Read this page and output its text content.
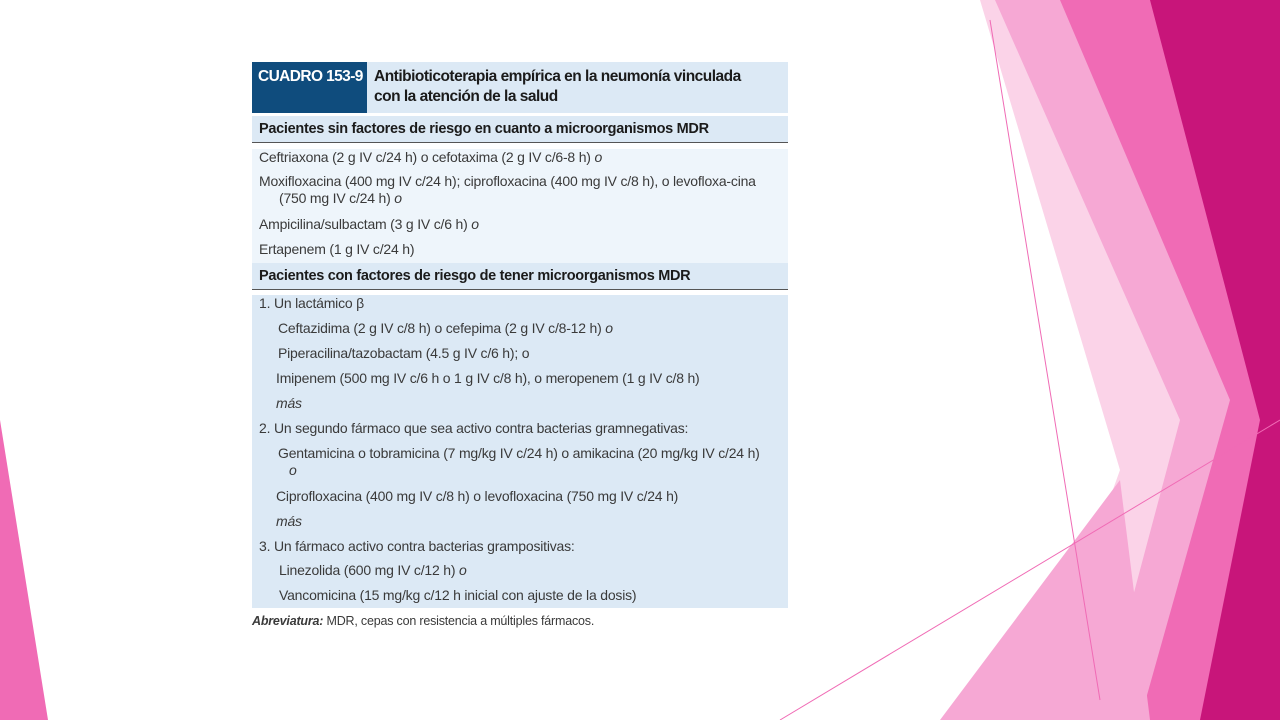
CUADRO 153-9 Antibioticoterapia empírica en la neumonía vinculada
con la atención de la salud
Pacientes sin factores de riesgo en cuanto a microorganismos MDR
Ceftriaxona (2 g IV c/24 h) o cefotaxima (2 g IV c/6-8 h) o
Moxifloxacina (400 mg IV c/24 h); ciprofloxacina (400 mg IV c/8 h), o levofloxa-cina (750 mg IV c/24 h) o
Ampicilina/sulbactam (3 g IV c/6 h) o
Ertapenem (1 g IV c/24 h)
Pacientes con factores de riesgo de tener microorganismos MDR
1. Un lactámico β
Ceftazidima (2 g IV c/8 h) o cefepima (2 g IV c/8-12 h) o
Piperacilina/tazobactam (4.5 g IV c/6 h); o
Imipenem (500 mg IV c/6 h o 1 g IV c/8 h), o meropenem (1 g IV c/8 h)
más
2. Un segundo fármaco que sea activo contra bacterias gramnegativas:
Gentamicina o tobramicina (7 mg/kg IV c/24 h) o amikacina (20 mg/kg IV c/24 h) o
Ciprofloxacina (400 mg IV c/8 h) o levofloxacina (750 mg IV c/24 h)
más
3. Un fármaco activo contra bacterias grampositivas:
Linezolida (600 mg IV c/12 h) o
Vancomicina (15 mg/kg c/12 h inicial con ajuste de la dosis)
Abreviatura: MDR, cepas con resistencia a múltiples fármacos.
